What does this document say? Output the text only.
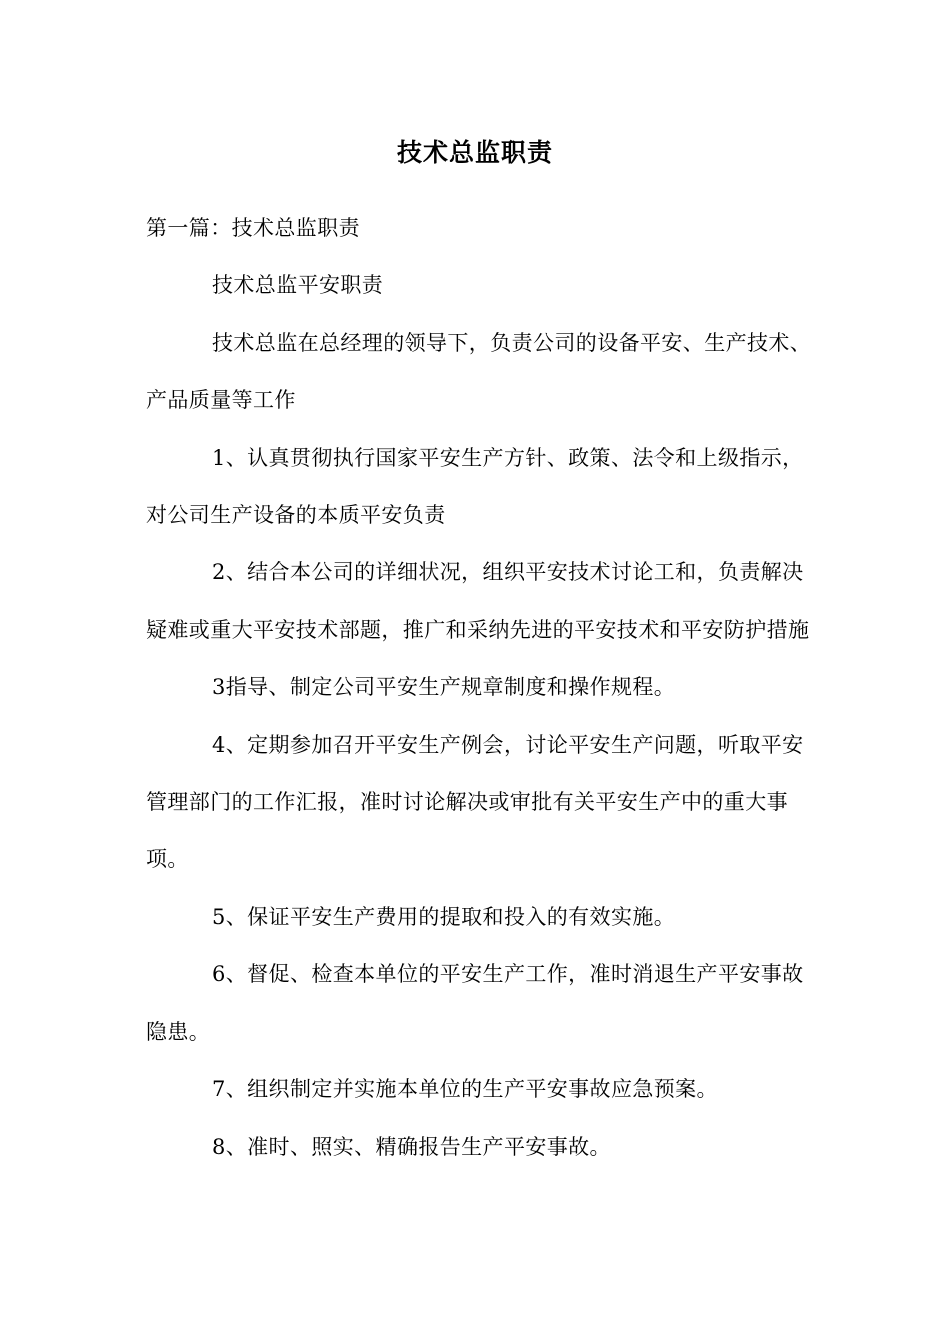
技术总监职责

第一篇：技术总监职责

技术总监平安职责

技术总监在总经理的领导下，负责公司的设备平安、生产技术、产品质量等工作

1、认真贯彻执行国家平安生产方针、政策、法令和上级指示，对公司生产设备的本质平安负责

2、结合本公司的详细状况，组织平安技术讨论工和，负责解决疑难或重大平安技术部题，推广和采纳先进的平安技术和平安防护措施

3指导、制定公司平安生产规章制度和操作规程。

4、定期参加召开平安生产例会，讨论平安生产问题，听取平安管理部门的工作汇报，准时讨论解决或审批有关平安生产中的重大事项。

5、保证平安生产费用的提取和投入的有效实施。

6、督促、检查本单位的平安生产工作，准时消退生产平安事故隐患。

7、组织制定并实施本单位的生产平安事故应急预案。

8、准时、照实、精确报告生产平安事故。
